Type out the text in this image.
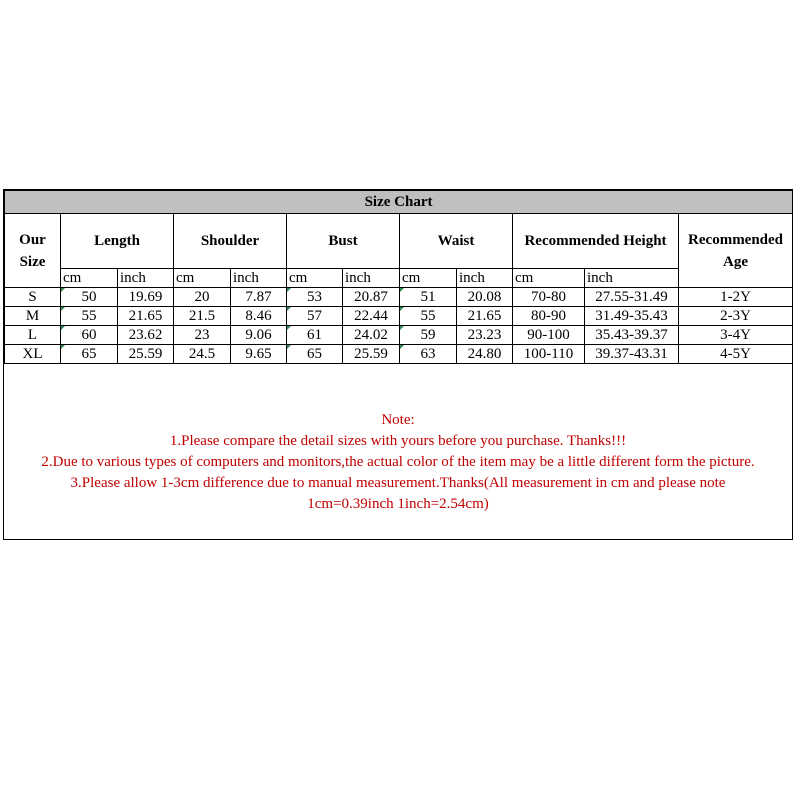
Size Chart											
Our Size	Length		Shoulder		Bust		Waist		Recommended Height		Recommended Age
	cm	inch	cm	inch	cm	inch	cm	inch	cm	inch	
S	50	19.69	20	7.87	53	20.87	51	20.08	70-80	27.55-31.49	1-2Y
M	55	21.65	21.5	8.46	57	22.44	55	21.65	80-90	31.49-35.43	2-3Y
L	60	23.62	23	9.06	61	24.02	59	23.23	90-100	35.43-39.37	3-4Y
XL	65	25.59	24.5	9.65	65	25.59	63	24.80	100-110	39.37-43.31	4-5Y
Note:
1.Please compare the detail sizes with yours before you purchase. Thanks!!!
2.Due to various types of computers and monitors,the actual color of the item may be a little different form the picture.
3.Please allow 1-3cm difference due to manual measurement.Thanks(All measurement in cm and please note
1cm=0.39inch 1inch=2.54cm)
